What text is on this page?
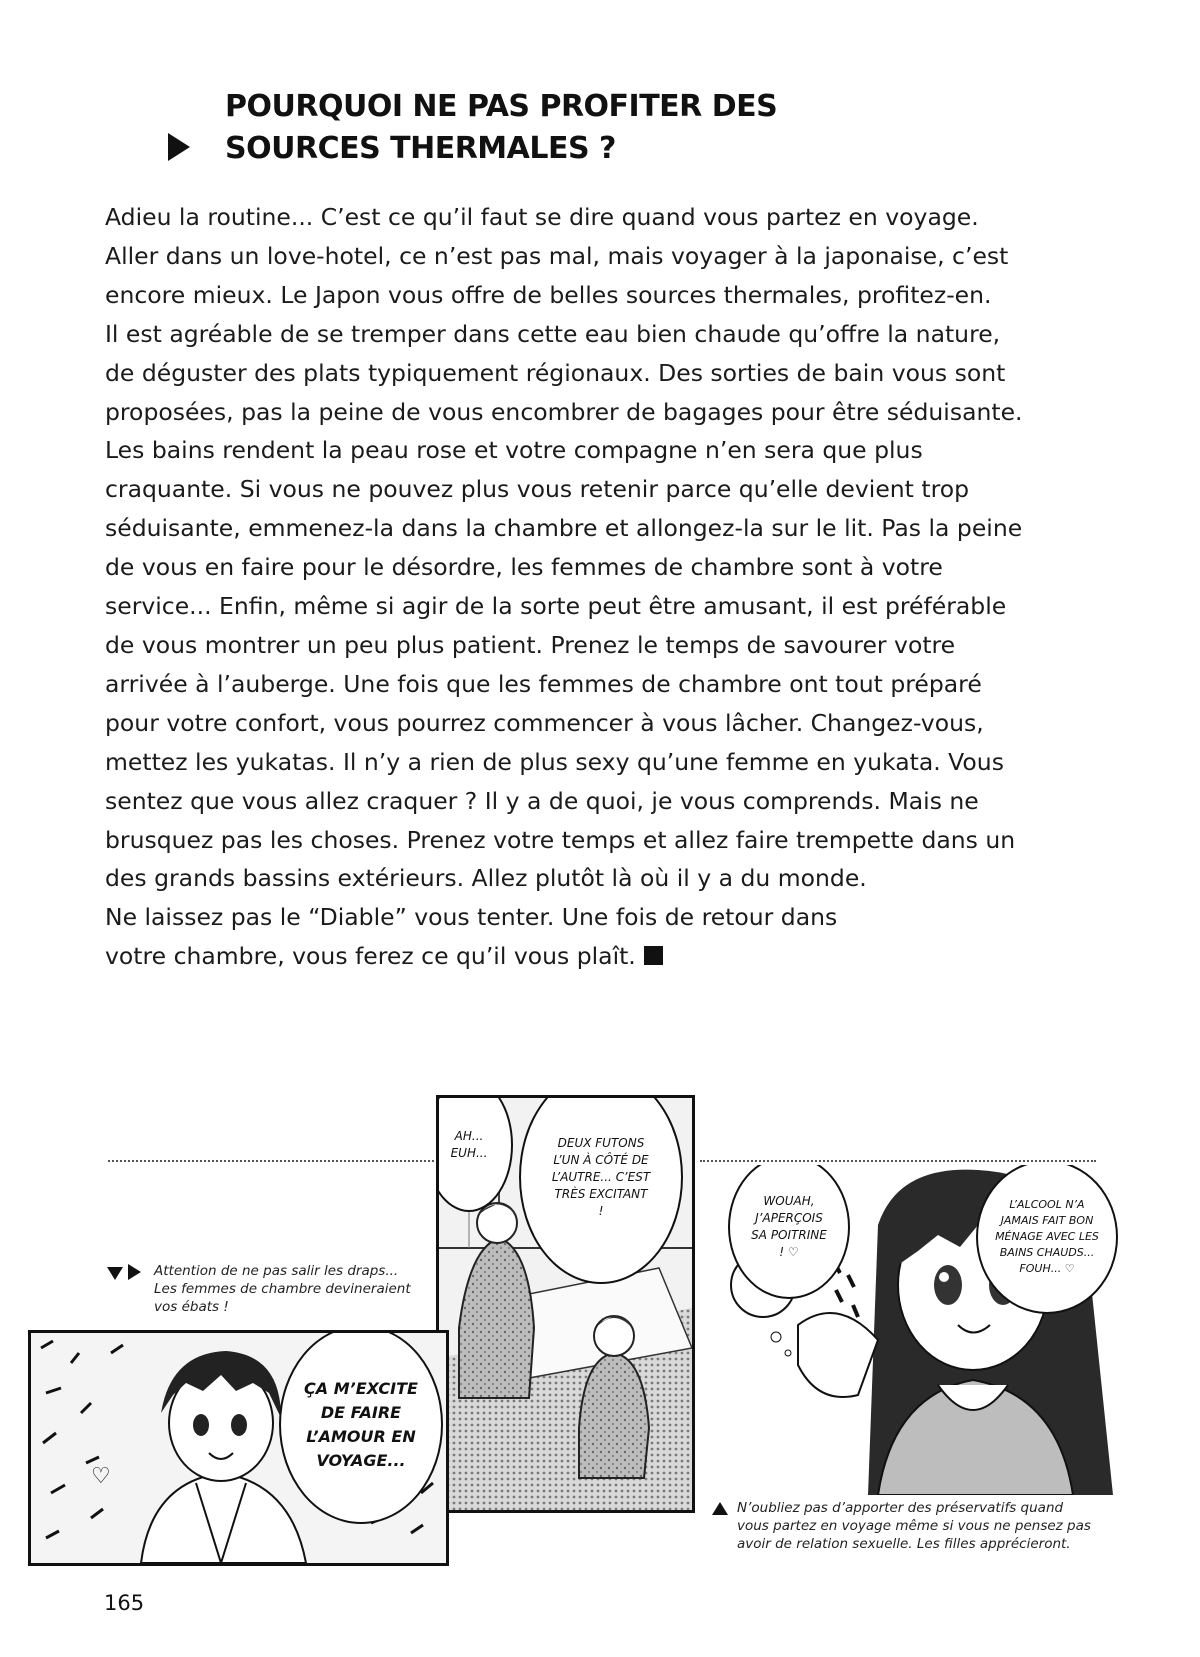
POURQUOI NE PAS PROFITER DES
SOURCES THERMALES ?
Adieu la routine... C’est ce qu’il faut se dire quand vous partez en voyage.
Aller dans un love-hotel, ce n’est pas mal, mais voyager à la japonaise, c’est
encore mieux. Le Japon vous offre de belles sources thermales, profitez-en.
Il est agréable de se tremper dans cette eau bien chaude qu’offre la nature,
de déguster des plats typiquement régionaux. Des sorties de bain vous sont
proposées, pas la peine de vous encombrer de bagages pour être séduisante.
Les bains rendent la peau rose et votre compagne n’en sera que plus
craquante. Si vous ne pouvez plus vous retenir parce qu’elle devient trop
séduisante, emmenez-la dans la chambre et allongez-la sur le lit. Pas la peine
de vous en faire pour le désordre, les femmes de chambre sont à votre
service... Enfin, même si agir de la sorte peut être amusant, il est préférable
de vous montrer un peu plus patient. Prenez le temps de savourer votre
arrivée à l’auberge. Une fois que les femmes de chambre ont tout préparé
pour votre confort, vous pourrez commencer à vous lâcher. Changez-vous,
mettez les yukatas. Il n’y a rien de plus sexy qu’une femme en yukata. Vous
sentez que vous allez craquer ? Il y a de quoi, je vous comprends. Mais ne
brusquez pas les choses. Prenez votre temps et allez faire trempette dans un
des grands bassins extérieurs. Allez plutôt là où il y a du monde.
Ne laissez pas le “Diable” vous tenter. Une fois de retour dans
votre chambre, vous ferez ce qu’il vous plaît.
Attention de ne pas salir les draps...
Les femmes de chambre devineraient
vos ébats !
AH...
EUH...
DEUX FUTONS
L’UN À CÔTÉ DE
L’AUTRE... C’EST
TRÈS EXCITANT
!
♡
ÇA M’EXCITE
DE FAIRE
L’AMOUR EN
VOYAGE...
WOUAH,
J’APERÇOIS
SA POITRINE
! ♡
L’ALCOOL N’A
JAMAIS FAIT BON
MÉNAGE AVEC LES
BAINS CHAUDS...
FOUH... ♡
N’oubliez pas d’apporter des préservatifs quand
vous partez en voyage même si vous ne pensez pas
avoir de relation sexuelle. Les filles apprécieront.
165
